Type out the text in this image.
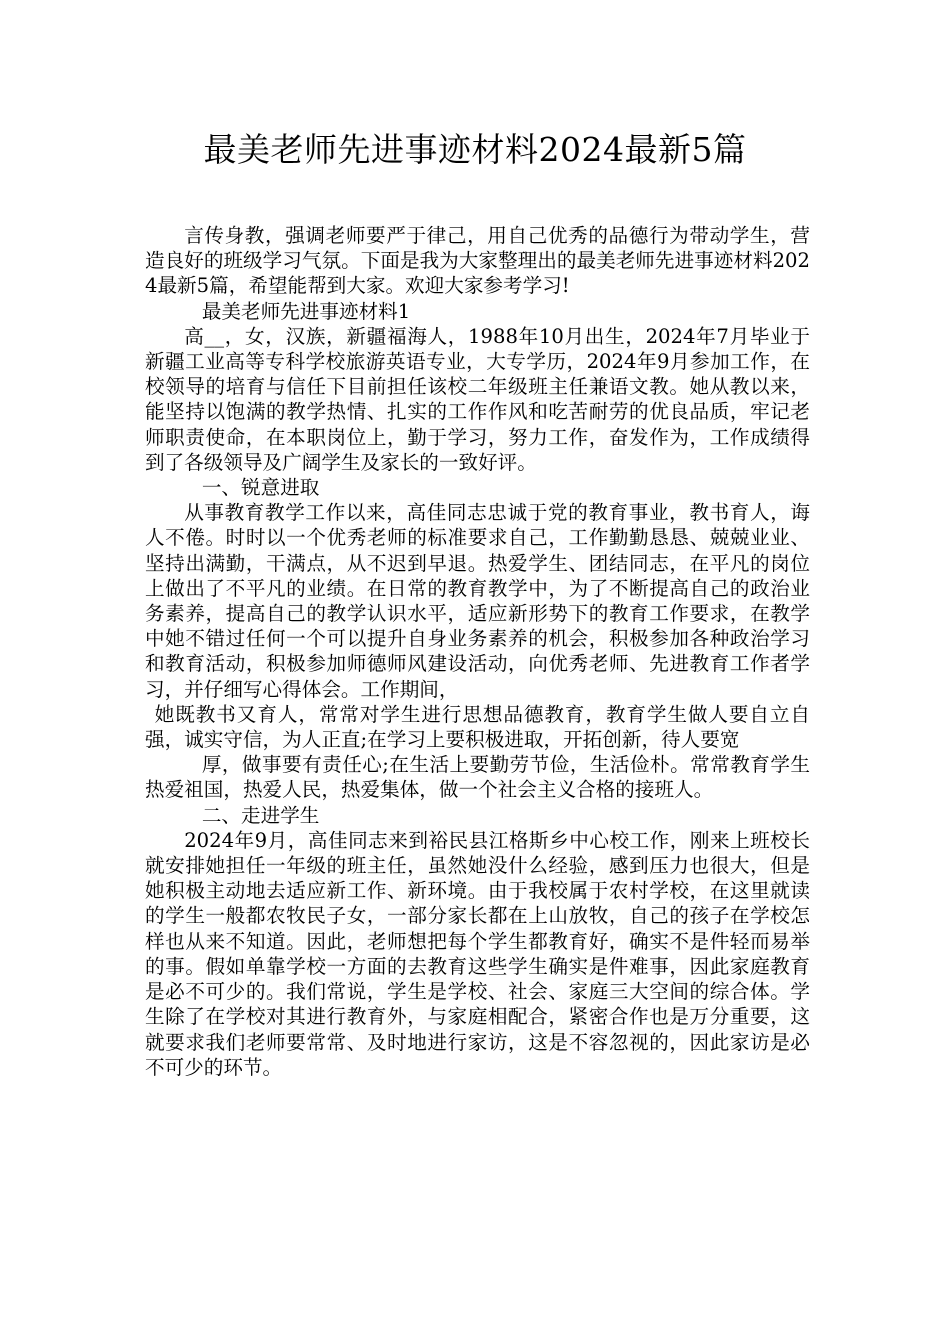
最美老师先进事迹材料2024最新5篇

言传身教，强调老师要严于律己，用自己优秀的品德行为带动学生，营造良好的班级学习气氛。下面是我为大家整理出的最美老师先进事迹材料2024最新5篇，希望能帮到大家。欢迎大家参考学习!

最美老师先进事迹材料1

高__，女，汉族，新疆福海人，1988年10月出生，2024年7月毕业于新疆工业高等专科学校旅游英语专业，大专学历，2024年9月参加工作，在校领导的培育与信任下目前担任该校二年级班主任兼语文教。她从教以来，能坚持以饱满的教学热情、扎实的工作作风和吃苦耐劳的优良品质，牢记老师职责使命，在本职岗位上，勤于学习，努力工作，奋发作为，工作成绩得到了各级领导及广阔学生及家长的一致好评。

一、锐意进取

从事教育教学工作以来，高佳同志忠诚于党的教育事业，教书育人，诲人不倦。时时以一个优秀老师的标准要求自己，工作勤勤恳恳、兢兢业业、坚持出满勤，干满点，从不迟到早退。热爱学生、团结同志，在平凡的岗位上做出了不平凡的业绩。在日常的教育教学中，为了不断提高自己的政治业务素养，提高自己的教学认识水平，适应新形势下的教育工作要求，在教学中她不错过任何一个可以提升自身业务素养的机会，积极参加各种政治学习和教育活动，积极参加师德师风建设活动，向优秀老师、先进教育工作者学习，并仔细写心得体会。工作期间，

她既教书又育人，常常对学生进行思想品德教育，教育学生做人要自立自强，诚实守信，为人正直;在学习上要积极进取，开拓创新，待人要宽

厚，做事要有责任心;在生活上要勤劳节俭，生活俭朴。常常教育学生热爱祖国，热爱人民，热爱集体，做一个社会主义合格的接班人。

二、走进学生

2024年9月，高佳同志来到裕民县江格斯乡中心校工作，刚来上班校长就安排她担任一年级的班主任，虽然她没什么经验，感到压力也很大，但是她积极主动地去适应新工作、新环境。由于我校属于农村学校，在这里就读的学生一般都农牧民子女，一部分家长都在上山放牧，自己的孩子在学校怎样也从来不知道。因此，老师想把每个学生都教育好，确实不是件轻而易举的事。假如单靠学校一方面的去教育这些学生确实是件难事，因此家庭教育是必不可少的。我们常说，学生是学校、社会、家庭三大空间的综合体。学生除了在学校对其进行教育外，与家庭相配合，紧密合作也是万分重要，这就要求我们老师要常常、及时地进行家访，这是不容忽视的，因此家访是必不可少的环节。
